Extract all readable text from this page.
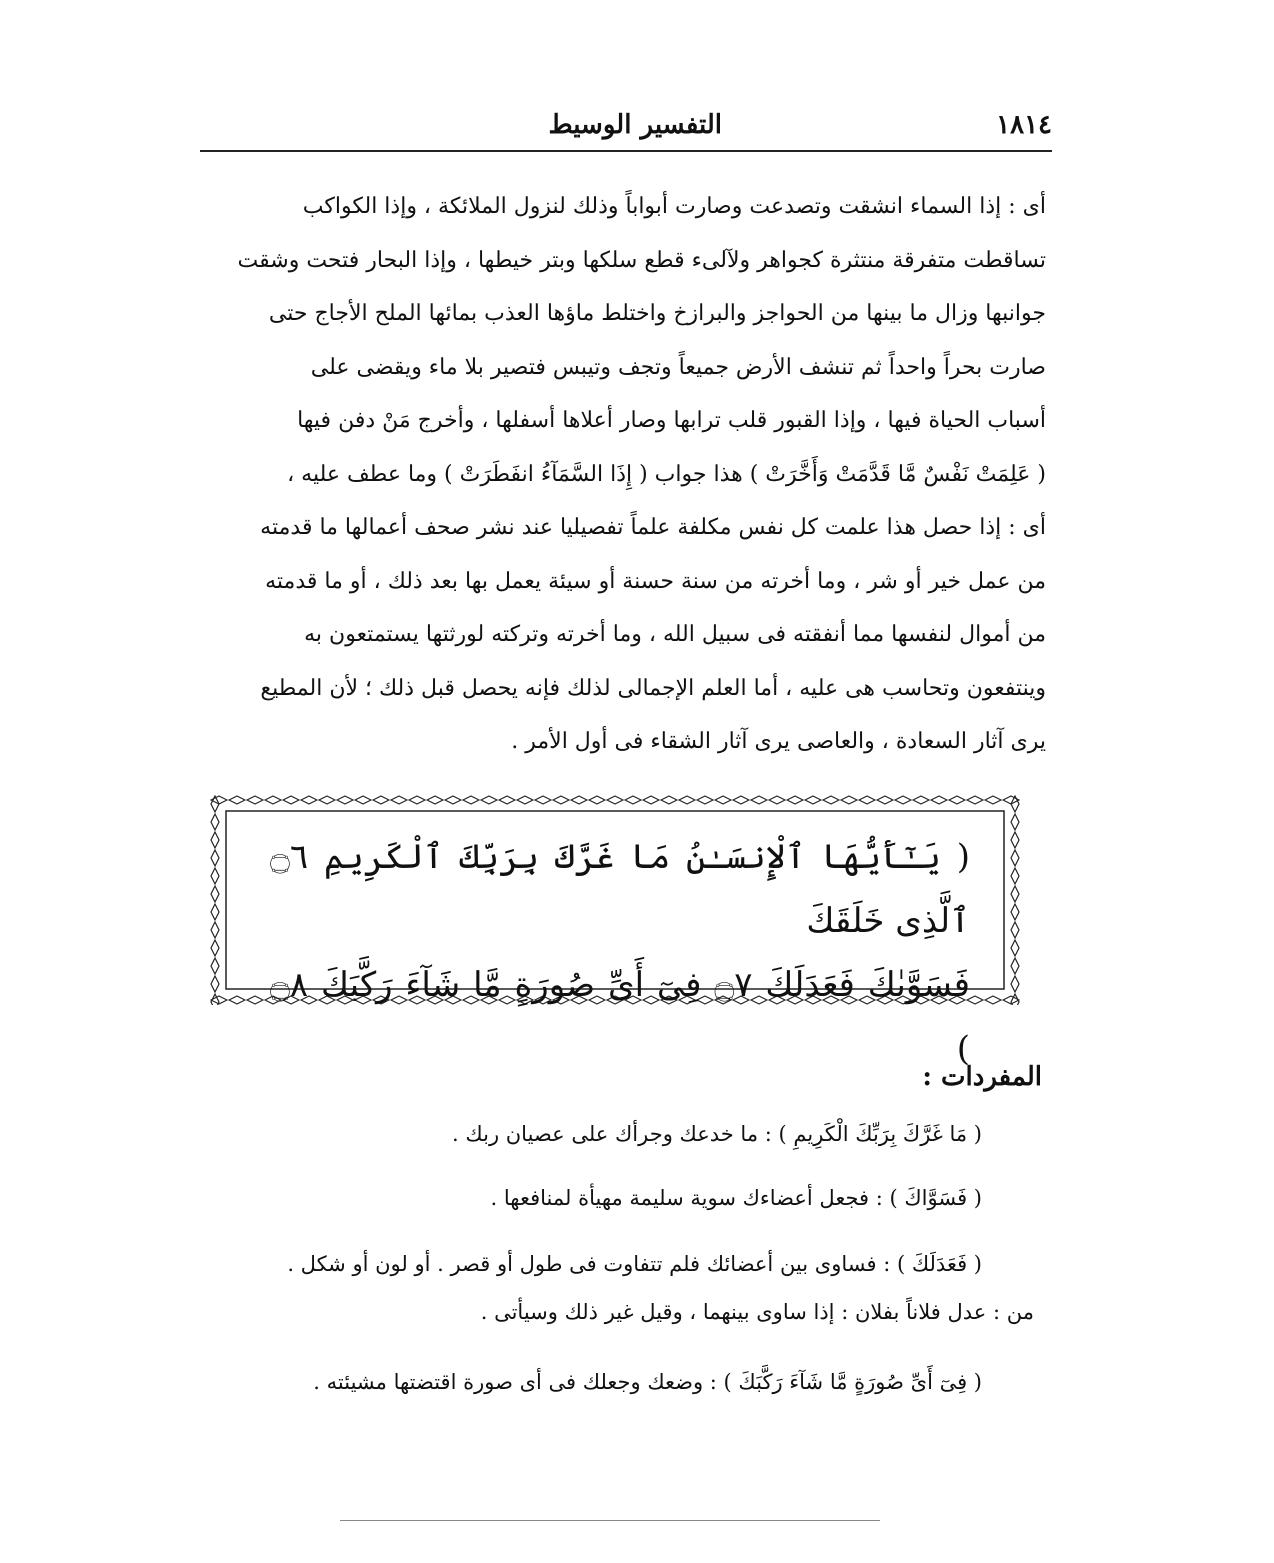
١٨١٤
التفسير الوسيط

أى : إذا السماء انشقت وتصدعت وصارت أبواباً وذلك لنزول الملائكة ، وإذا الكواكب

تساقطت متفرقة منتثرة كجواهر ولآلىء قطع سلكها وبتر خيطها ، وإذا البحار فتحت وشقت

جوانبها وزال ما بينها من الحواجز والبرازخ واختلط ماؤها العذب بمائها الملح الأجاج حتى

صارت بحراً واحداً ثم تنشف الأرض جميعاً وتجف وتيبس فتصير بلا ماء ويقضى على

أسباب الحياة فيها ، وإذا القبور قلب ترابها وصار أعلاها أسفلها ، وأخرج مَنْ دفن فيها

( عَلِمَتْ نَفْسٌ مَّا قَدَّمَتْ وَأَخَّرَتْ ) هذا جواب ( إِذَا السَّمَآءُ انفَطَرَتْ ) وما عطف عليه ،

أى : إذا حصل هذا علمت كل نفس مكلفة علماً تفصيليا عند نشر صحف أعمالها ما قدمته

من عمل خير أو شر ، وما أخرته من سنة حسنة أو سيئة يعمل بها بعد ذلك ، أو ما قدمته

من أموال لنفسها مما أنفقته فى سبيل الله ، وما أخرته وتركته لورثتها يستمتعون به

وينتفعون وتحاسب هى عليه ، أما العلم الإجمالى لذلك فإنه يحصل قبل ذلك ؛ لأن المطيع

يرى آثار السعادة ، والعاصى يرى آثار الشقاء فى أول الأمر .

( يَـٰٓأَيُّهَا ٱلْإِنسَـٰنُ مَا غَرَّكَ بِرَبِّكَ ٱلْكَرِيمِ ۝٦ ٱلَّذِى خَلَقَكَ

فَسَوَّىٰكَ فَعَدَلَكَ ۝٧ فِىٓ أَىِّ صُورَةٍ مَّا شَآءَ رَكَّبَكَ ۝٨ )

المفردات :
( مَا غَرَّكَ بِرَبِّكَ الْكَرِيمِ ) : ما خدعك وجرأك على عصيان ربك .
( فَسَوَّاكَ ) : فجعل أعضاءك سوية سليمة مهيأة لمنافعها .
( فَعَدَلَكَ ) : فساوى بين أعضائك فلم تتفاوت فى طول أو قصر . أو لون أو شكل .
من : عدل فلاناً بفلان : إذا ساوى بينهما ، وقيل غير ذلك وسيأتى .
( فِىٓ أَىِّ صُورَةٍ مَّا شَآءَ رَكَّبَكَ ) : وضعك وجعلك فى أى صورة اقتضتها مشيئته .
